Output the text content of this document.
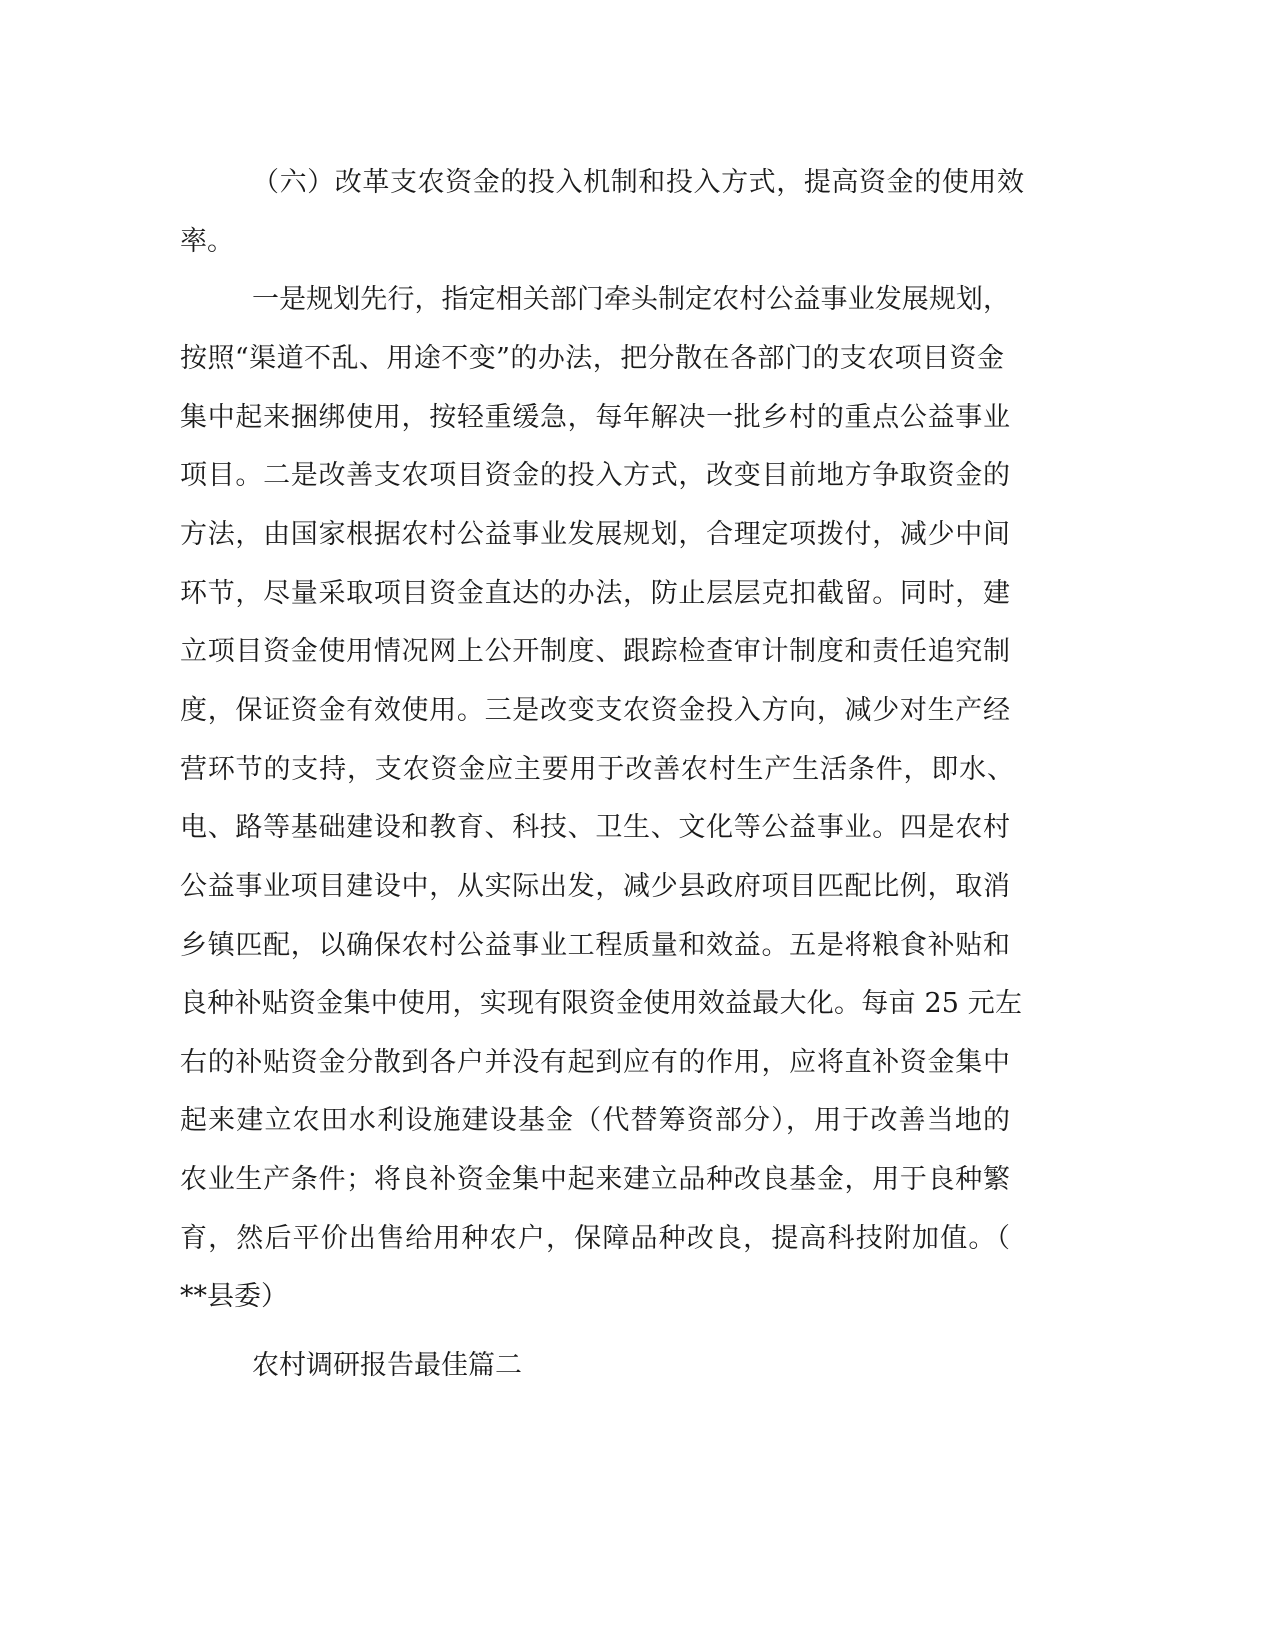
（六）改革支农资金的投入机制和投入方式，提高资金的使用效

率。

一是规划先行，指定相关部门牵头制定农村公益事业发展规划，

按照“渠道不乱、用途不变”的办法，把分散在各部门的支农项目资金

集中起来捆绑使用，按轻重缓急，每年解决一批乡村的重点公益事业

项目。二是改善支农项目资金的投入方式，改变目前地方争取资金的

方法，由国家根据农村公益事业发展规划，合理定项拨付，减少中间

环节，尽量采取项目资金直达的办法，防止层层克扣截留。同时，建

立项目资金使用情况网上公开制度、跟踪检查审计制度和责任追究制

度，保证资金有效使用。三是改变支农资金投入方向，减少对生产经

营环节的支持，支农资金应主要用于改善农村生产生活条件，即水、

电、路等基础建设和教育、科技、卫生、文化等公益事业。四是农村

公益事业项目建设中，从实际出发，减少县政府项目匹配比例，取消

乡镇匹配，以确保农村公益事业工程质量和效益。五是将粮食补贴和

良种补贴资金集中使用，实现有限资金使用效益最大化。每亩 25 元左

右的补贴资金分散到各户并没有起到应有的作用，应将直补资金集中

起来建立农田水利设施建设基金（代替筹资部分），用于改善当地的

农业生产条件；将良补资金集中起来建立品种改良基金，用于良种繁

育，然后平价出售给用种农户，保障品种改良，提高科技附加值。（

**县委）

农村调研报告最佳篇二
